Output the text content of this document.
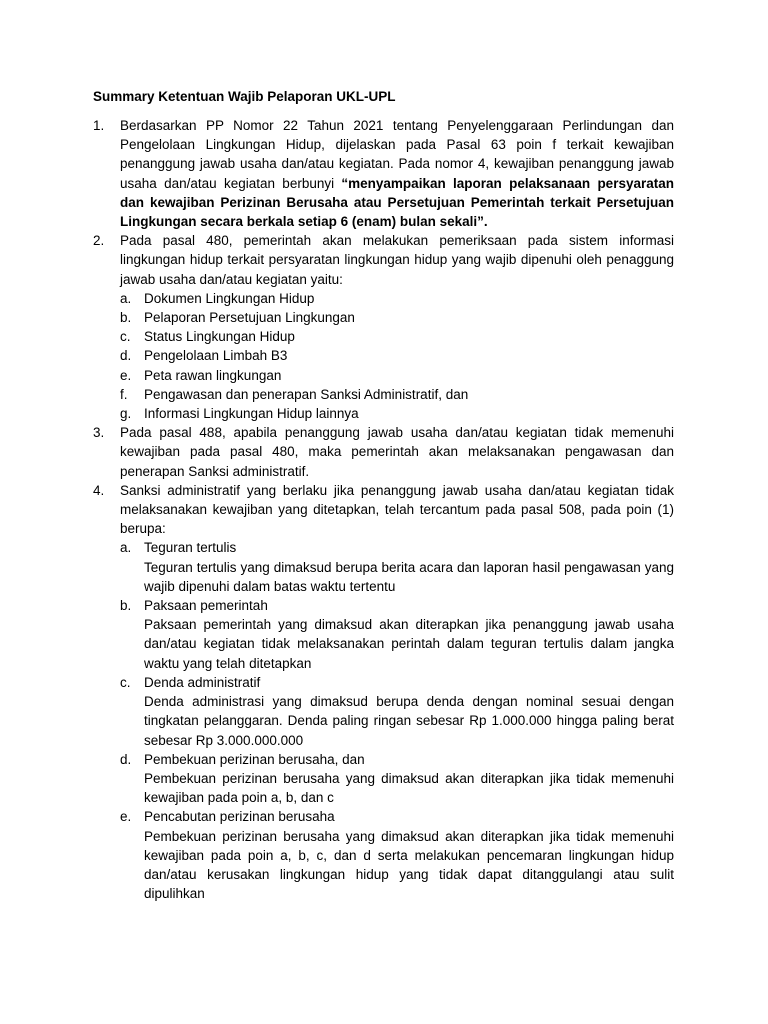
Summary Ketentuan Wajib Pelaporan UKL-UPL
1. Berdasarkan PP Nomor 22 Tahun 2021 tentang Penyelenggaraan Perlindungan dan Pengelolaan Lingkungan Hidup, dijelaskan pada Pasal 63 poin f terkait kewajiban penanggung jawab usaha dan/atau kegiatan. Pada nomor 4, kewajiban penanggung jawab usaha dan/atau kegiatan berbunyi “menyampaikan laporan pelaksanaan persyaratan dan kewajiban Perizinan Berusaha atau Persetujuan Pemerintah terkait Persetujuan Lingkungan secara berkala setiap 6 (enam) bulan sekali”.
2. Pada pasal 480, pemerintah akan melakukan pemeriksaan pada sistem informasi lingkungan hidup terkait persyaratan lingkungan hidup yang wajib dipenuhi oleh penaggung jawab usaha dan/atau kegiatan yaitu:
a. Dokumen Lingkungan Hidup
b. Pelaporan Persetujuan Lingkungan
c. Status Lingkungan Hidup
d. Pengelolaan Limbah B3
e. Peta rawan lingkungan
f. Pengawasan dan penerapan Sanksi Administratif, dan
g. Informasi Lingkungan Hidup lainnya
3. Pada pasal 488, apabila penanggung jawab usaha dan/atau kegiatan tidak memenuhi kewajiban pada pasal 480, maka pemerintah akan melaksanakan pengawasan dan penerapan Sanksi administratif.
4. Sanksi administratif yang berlaku jika penanggung jawab usaha dan/atau kegiatan tidak melaksanakan kewajiban yang ditetapkan, telah tercantum pada pasal 508, pada poin (1) berupa:
a. Teguran tertulis
Teguran tertulis yang dimaksud berupa berita acara dan laporan hasil pengawasan yang wajib dipenuhi dalam batas waktu tertentu
b. Paksaan pemerintah
Paksaan pemerintah yang dimaksud akan diterapkan jika penanggung jawab usaha dan/atau kegiatan tidak melaksanakan perintah dalam teguran tertulis dalam jangka waktu yang telah ditetapkan
c. Denda administratif
Denda administrasi yang dimaksud berupa denda dengan nominal sesuai dengan tingkatan pelanggaran. Denda paling ringan sebesar Rp 1.000.000 hingga paling berat sebesar Rp 3.000.000.000
d. Pembekuan perizinan berusaha, dan
Pembekuan perizinan berusaha yang dimaksud akan diterapkan jika tidak memenuhi kewajiban pada poin a, b, dan c
e. Pencabutan perizinan berusaha
Pembekuan perizinan berusaha yang dimaksud akan diterapkan jika tidak memenuhi kewajiban pada poin a, b, c, dan d serta melakukan pencemaran lingkungan hidup dan/atau kerusakan lingkungan hidup yang tidak dapat ditanggulangi atau sulit dipulihkan
